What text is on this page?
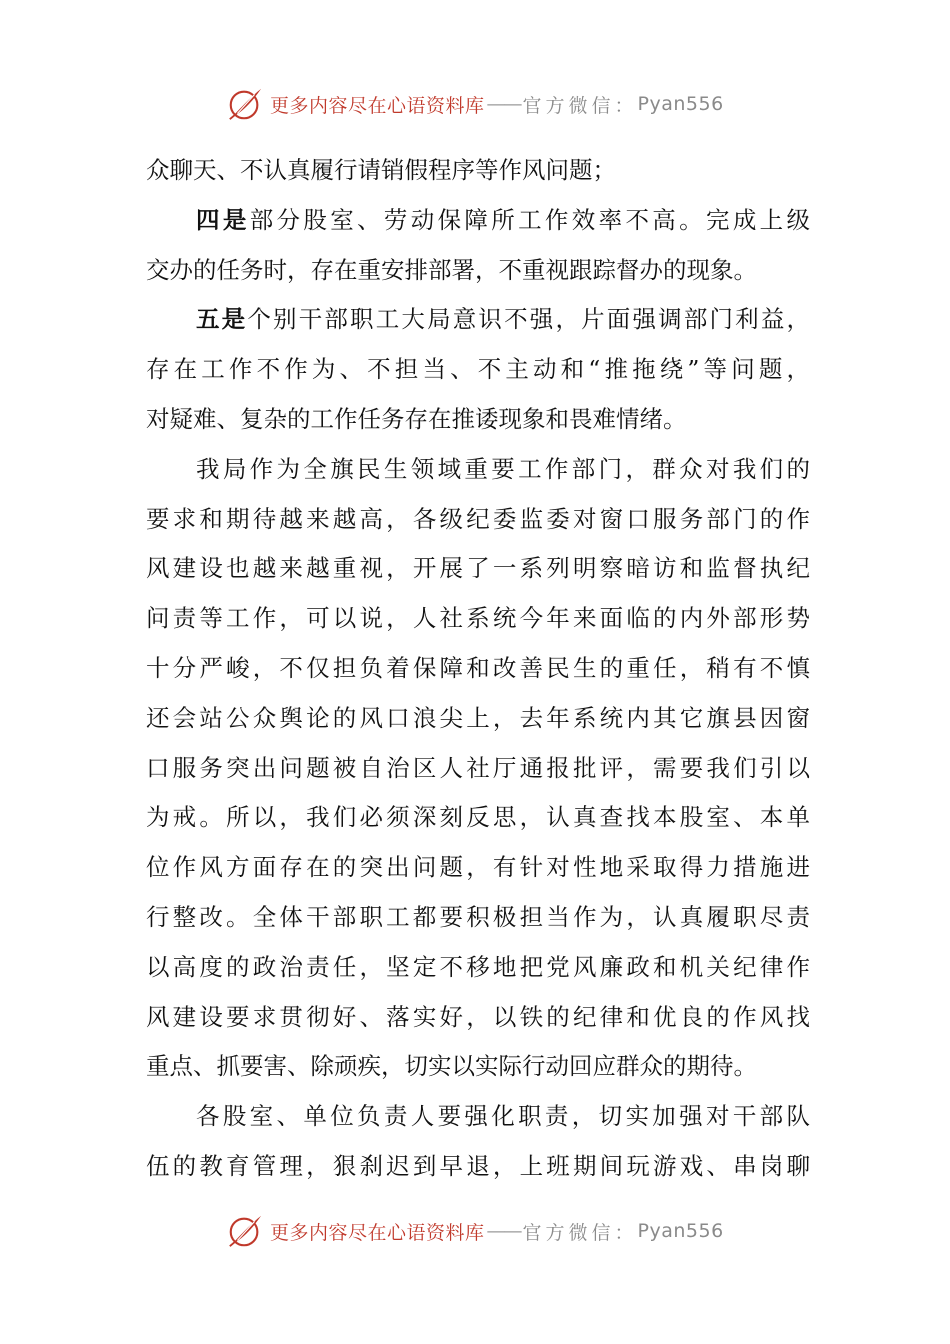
更多内容尽在心语资料库 —— 官方微信： Pyan556
众聊天、不认真履行请销假程序等作风问题；
四是部分股室、劳动保障所工作效率不高。完成上级
交办的任务时，存在重安排部署，不重视跟踪督办的现象。
五是个别干部职工大局意识不强，片面强调部门利益，
存在工作不作为、不担当、不主动和“推拖绕”等问题，
对疑难、复杂的工作任务存在推诿现象和畏难情绪。
我局作为全旗民生领域重要工作部门，群众对我们的
要求和期待越来越高，各级纪委监委对窗口服务部门的作
风建设也越来越重视，开展了一系列明察暗访和监督执纪
问责等工作，可以说，人社系统今年来面临的内外部形势
十分严峻，不仅担负着保障和改善民生的重任，稍有不慎
还会站公众舆论的风口浪尖上，去年系统内其它旗县因窗
口服务突出问题被自治区人社厅通报批评，需要我们引以
为戒。所以，我们必须深刻反思，认真查找本股室、本单
位作风方面存在的突出问题，有针对性地采取得力措施进
行整改。全体干部职工都要积极担当作为，认真履职尽责
以高度的政治责任，坚定不移地把党风廉政和机关纪律作
风建设要求贯彻好、落实好，以铁的纪律和优良的作风找
重点、抓要害、除顽疾，切实以实际行动回应群众的期待。
各股室、单位负责人要强化职责，切实加强对干部队
伍的教育管理，狠刹迟到早退，上班期间玩游戏、串岗聊
更多内容尽在心语资料库 —— 官方微信： Pyan556
